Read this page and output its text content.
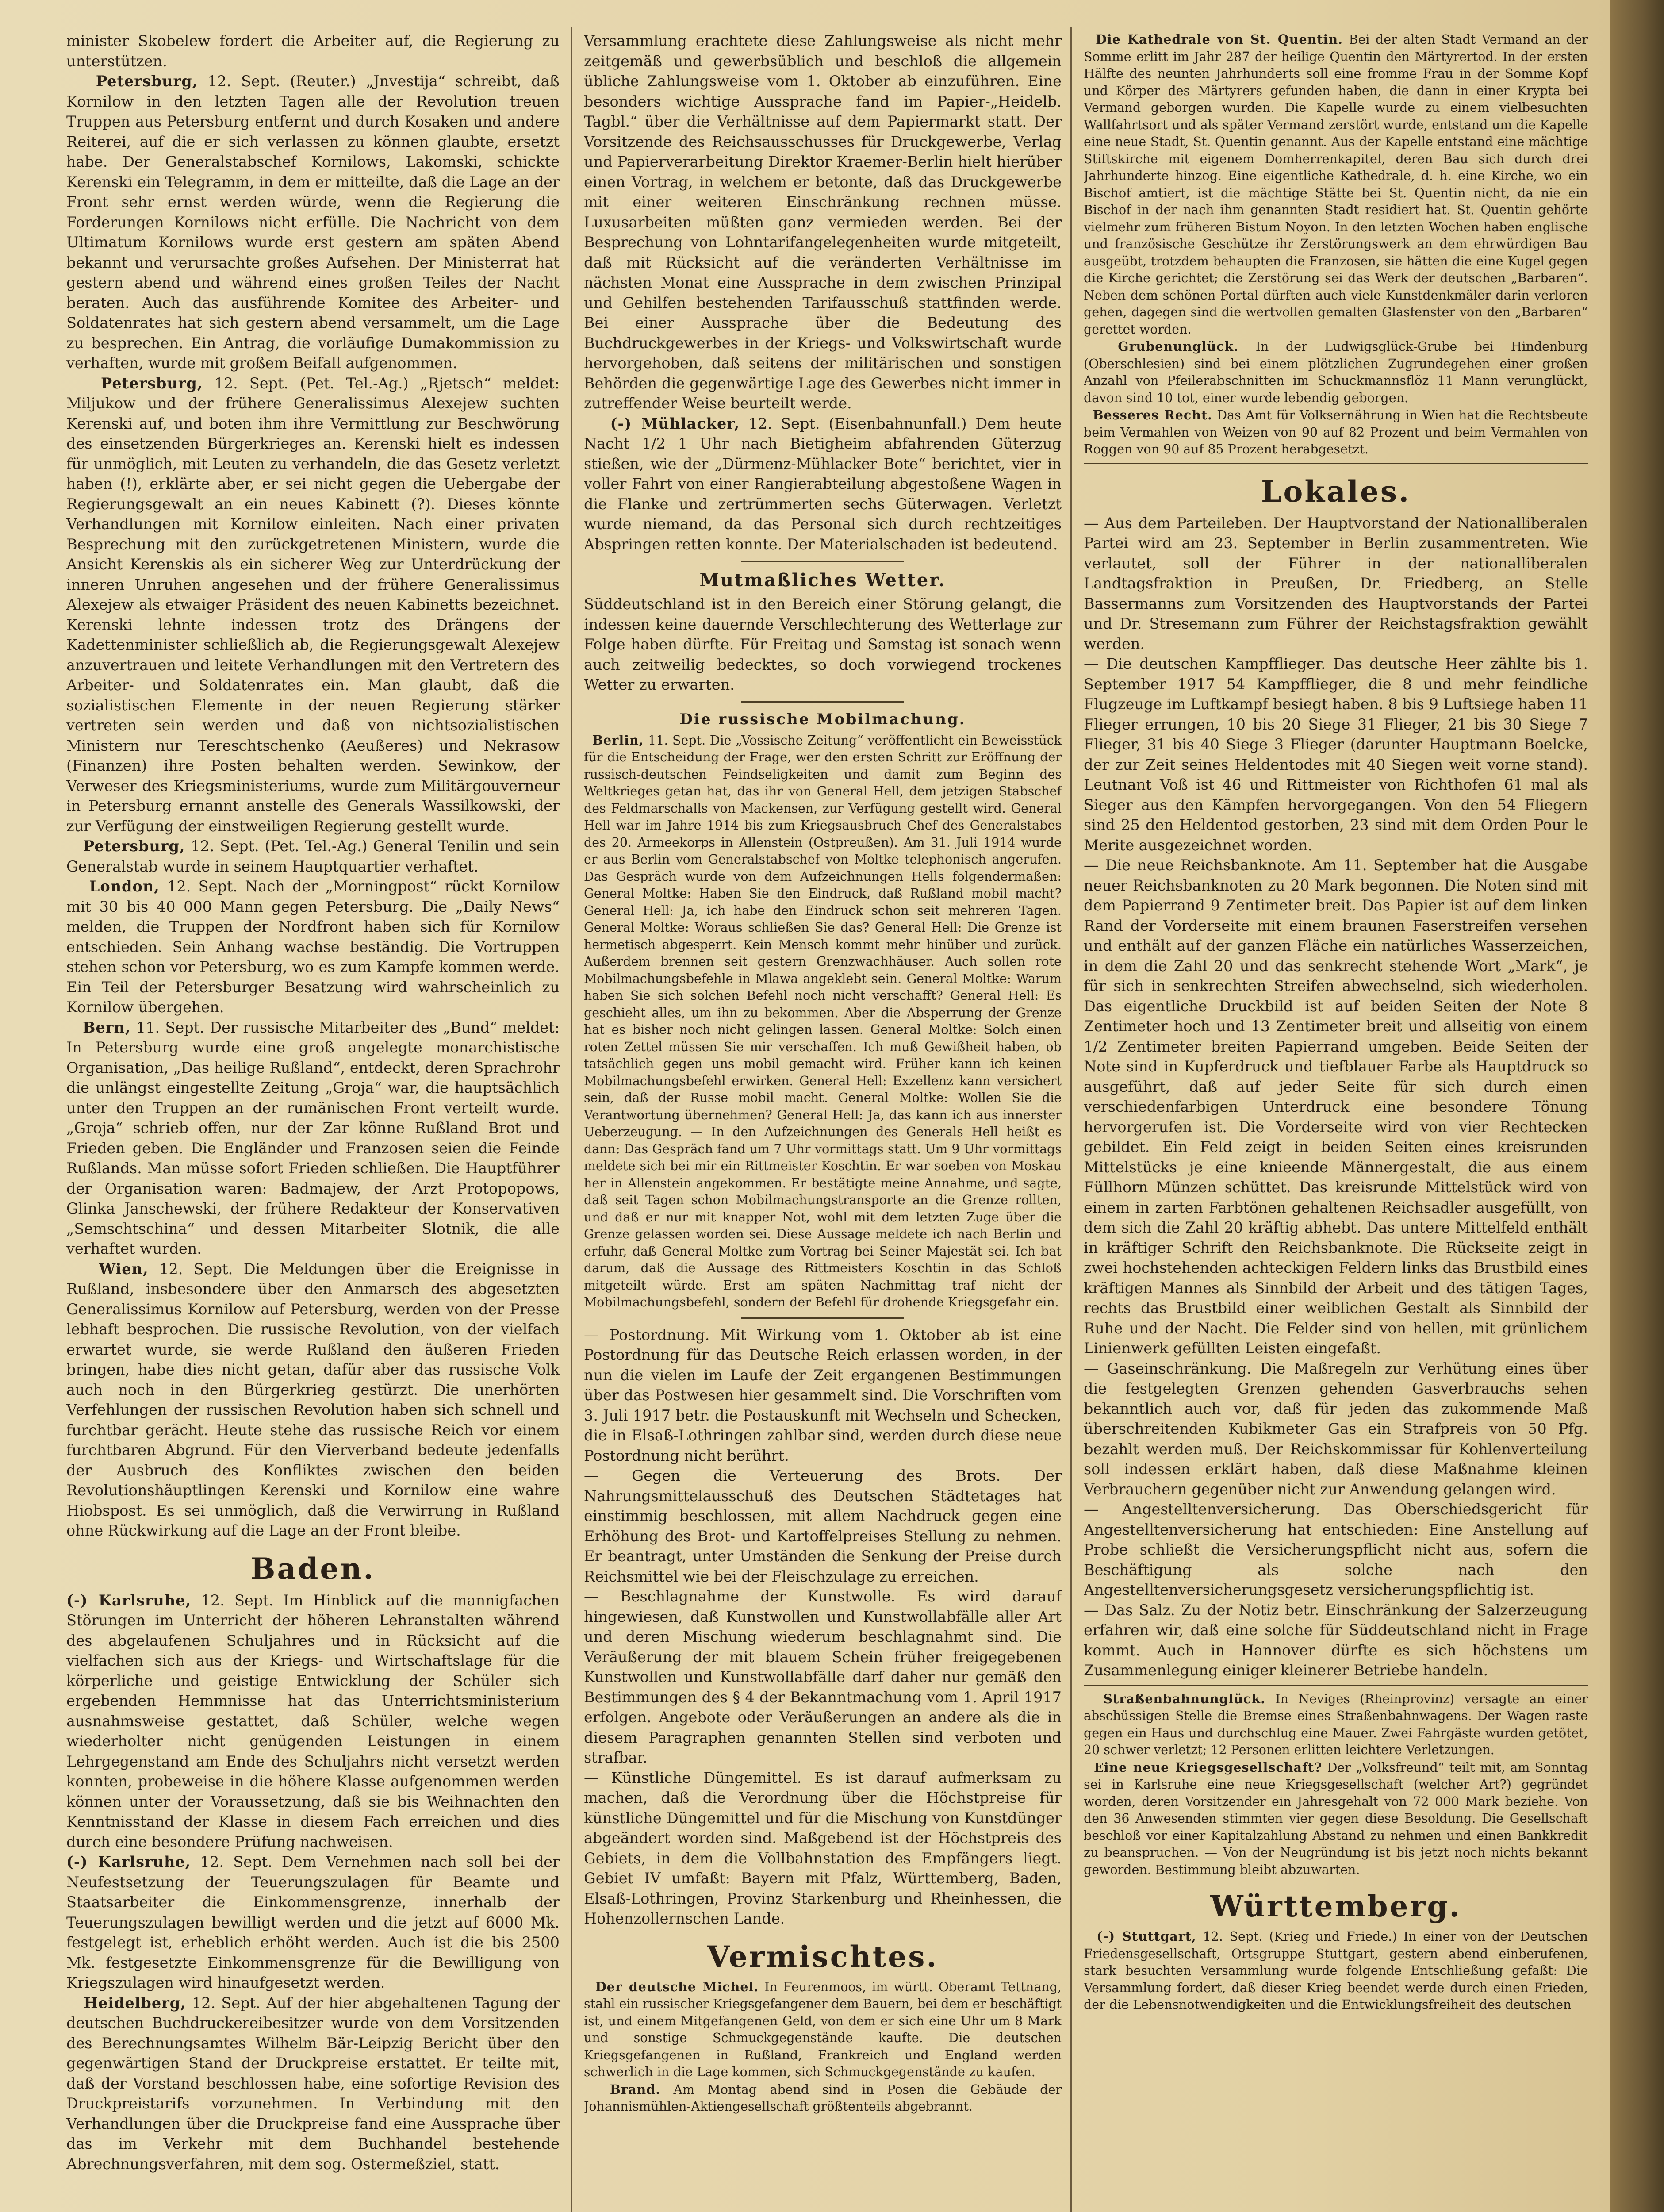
minister Skobelew fordert die Arbeiter auf, die Regierung zu unterstützen.

Petersburg, 12. Sept. (Reuter.) „Jnvestija“ schreibt, daß Kornilow in den letzten Tagen alle der Revolution treuen Truppen aus Petersburg entfernt und durch Kosaken und andere Reiterei, auf die er sich verlassen zu können glaubte, ersetzt habe. Der Generalstabschef Kornilows, Lakomski, schickte Kerenski ein Telegramm, in dem er mitteilte, daß die Lage an der Front sehr ernst werden würde, wenn die Regierung die Forderungen Kornilows nicht erfülle. Die Nachricht von dem Ultimatum Kornilows wurde erst gestern am späten Abend bekannt und verursachte großes Aufsehen. Der Ministerrat hat gestern abend und während eines großen Teiles der Nacht beraten. Auch das ausführende Komitee des Arbeiter- und Soldatenrates hat sich gestern abend versammelt, um die Lage zu besprechen. Ein Antrag, die vorläufige Dumakommission zu verhaften, wurde mit großem Beifall aufgenommen.

Petersburg, 12. Sept. (Pet. Tel.-Ag.) „Rjetsch“ meldet: Miljukow und der frühere Generalissimus Alexejew suchten Kerenski auf, und boten ihm ihre Vermittlung zur Beschwörung des einsetzenden Bürgerkrieges an. Kerenski hielt es indessen für unmöglich, mit Leuten zu verhandeln, die das Gesetz verletzt haben (!), erklärte aber, er sei nicht gegen die Uebergabe der Regierungsgewalt an ein neues Kabinett (?). Dieses könnte Verhandlungen mit Kornilow einleiten. Nach einer privaten Besprechung mit den zurückgetretenen Ministern, wurde die Ansicht Kerenskis als ein sicherer Weg zur Unterdrückung der inneren Unruhen angesehen und der frühere Generalissimus Alexejew als etwaiger Präsident des neuen Kabinetts bezeichnet. Kerenski lehnte indessen trotz des Drängens der Kadettenminister schließlich ab, die Regierungsgewalt Alexejew anzuvertrauen und leitete Verhandlungen mit den Vertretern des Arbeiter- und Soldatenrates ein. Man glaubt, daß die sozialistischen Elemente in der neuen Regierung stärker vertreten sein werden und daß von nichtsozialistischen Ministern nur Tereschtschenko (Aeußeres) und Nekrasow (Finanzen) ihre Posten behalten werden. Sewinkow, der Verweser des Kriegsministeriums, wurde zum Militärgouverneur in Petersburg ernannt anstelle des Generals Wassilkowski, der zur Verfügung der einstweiligen Regierung gestellt wurde.

Petersburg, 12. Sept. (Pet. Tel.-Ag.) General Tenilin und sein Generalstab wurde in seinem Hauptquartier verhaftet.

London, 12. Sept. Nach der „Morningpost“ rückt Kornilow mit 30 bis 40 000 Mann gegen Petersburg. Die „Daily News“ melden, die Truppen der Nordfront haben sich für Kornilow entschieden. Sein Anhang wachse beständig. Die Vortruppen stehen schon vor Petersburg, wo es zum Kampfe kommen werde. Ein Teil der Petersburger Besatzung wird wahrscheinlich zu Kornilow übergehen.

Bern, 11. Sept. Der russische Mitarbeiter des „Bund“ meldet: In Petersburg wurde eine groß angelegte monarchistische Organisation, „Das heilige Rußland“, entdeckt, deren Sprachrohr die unlängst eingestellte Zeitung „Groja“ war, die hauptsächlich unter den Truppen an der rumänischen Front verteilt wurde. „Groja“ schrieb offen, nur der Zar könne Rußland Brot und Frieden geben. Die Engländer und Franzosen seien die Feinde Rußlands. Man müsse sofort Frieden schließen. Die Hauptführer der Organisation waren: Badmajew, der Arzt Protopopows, Glinka Janschewski, der frühere Redakteur der Konservativen „Semschtschina“ und dessen Mitarbeiter Slotnik, die alle verhaftet wurden.

Wien, 12. Sept. Die Meldungen über die Ereignisse in Rußland, insbesondere über den Anmarsch des abgesetzten Generalissimus Kornilow auf Petersburg, werden von der Presse lebhaft besprochen. Die russische Revolution, von der vielfach erwartet wurde, sie werde Rußland den äußeren Frieden bringen, habe dies nicht getan, dafür aber das russische Volk auch noch in den Bürgerkrieg gestürzt. Die unerhörten Verfehlungen der russischen Revolution haben sich schnell und furchtbar gerächt. Heute stehe das russische Reich vor einem furchtbaren Abgrund. Für den Vierverband bedeute jedenfalls der Ausbruch des Konfliktes zwischen den beiden Revolutionshäuptlingen Kerenski und Kornilow eine wahre Hiobspost. Es sei unmöglich, daß die Verwirrung in Rußland ohne Rückwirkung auf die Lage an der Front bleibe.

Baden.

(-) Karlsruhe, 12. Sept. Im Hinblick auf die mannigfachen Störungen im Unterricht der höheren Lehranstalten während des abgelaufenen Schuljahres und in Rücksicht auf die vielfachen sich aus der Kriegs- und Wirtschaftslage für die körperliche und geistige Entwicklung der Schüler sich ergebenden Hemmnisse hat das Unterrichtsministerium ausnahmsweise gestattet, daß Schüler, welche wegen wiederholter nicht genügenden Leistungen in einem Lehrgegenstand am Ende des Schuljahrs nicht versetzt werden konnten, probeweise in die höhere Klasse aufgenommen werden können unter der Voraussetzung, daß sie bis Weihnachten den Kenntnisstand der Klasse in diesem Fach erreichen und dies durch eine besondere Prüfung nachweisen.

(-) Karlsruhe, 12. Sept. Dem Vernehmen nach soll bei der Neufestsetzung der Teuerungszulagen für Beamte und Staatsarbeiter die Einkommensgrenze, innerhalb der Teuerungszulagen bewilligt werden und die jetzt auf 6000 Mk. festgelegt ist, erheblich erhöht werden. Auch ist die bis 2500 Mk. festgesetzte Einkommensgrenze für die Bewilligung von Kriegszulagen wird hinaufgesetzt werden.

Heidelberg, 12. Sept. Auf der hier abgehaltenen Tagung der deutschen Buchdruckereibesitzer wurde von dem Vorsitzenden des Berechnungsamtes Wilhelm Bär-Leipzig Bericht über den gegenwärtigen Stand der Druckpreise erstattet. Er teilte mit, daß der Vorstand beschlossen habe, eine sofortige Revision des Druckpreistarifs vorzunehmen. In Verbindung mit den Verhandlungen über die Druckpreise fand eine Aussprache über das im Verkehr mit dem Buchhandel bestehende Abrechnungsverfahren, mit dem sog. Ostermeßziel, statt.

Versammlung erachtete diese Zahlungsweise als nicht mehr zeitgemäß und gewerbsüblich und beschloß die allgemein übliche Zahlungsweise vom 1. Oktober ab einzuführen. Eine besonders wichtige Aussprache fand im Papier-„Heidelb. Tagbl.“ über die Verhältnisse auf dem Papiermarkt statt. Der Vorsitzende des Reichsausschusses für Druckgewerbe, Verlag und Papierverarbeitung Direktor Kraemer-Berlin hielt hierüber einen Vortrag, in welchem er betonte, daß das Druckgewerbe mit einer weiteren Einschränkung rechnen müsse. Luxusarbeiten müßten ganz vermieden werden. Bei der Besprechung von Lohntarifangelegenheiten wurde mitgeteilt, daß mit Rücksicht auf die veränderten Verhältnisse im nächsten Monat eine Aussprache in dem zwischen Prinzipal und Gehilfen bestehenden Tarifausschuß stattfinden werde. Bei einer Aussprache über die Bedeutung des Buchdruckgewerbes in der Kriegs- und Volkswirtschaft wurde hervorgehoben, daß seitens der militärischen und sonstigen Behörden die gegenwärtige Lage des Gewerbes nicht immer in zutreffender Weise beurteilt werde.

(-) Mühlacker, 12. Sept. (Eisenbahnunfall.) Dem heute Nacht 1/2 1 Uhr nach Bietigheim abfahrenden Güterzug stießen, wie der „Dürmenz-Mühlacker Bote“ berichtet, vier in voller Fahrt von einer Rangierabteilung abgestoßene Wagen in die Flanke und zertrümmerten sechs Güterwagen. Verletzt wurde niemand, da das Personal sich durch rechtzeitiges Abspringen retten konnte. Der Materialschaden ist bedeutend.

Mutmaßliches Wetter.

Süddeutschland ist in den Bereich einer Störung gelangt, die indessen keine dauernde Verschlechterung des Wetterlage zur Folge haben dürfte. Für Freitag und Samstag ist sonach wenn auch zeitweilig bedecktes, so doch vorwiegend trockenes Wetter zu erwarten.

Die russische Mobilmachung.

Berlin, 11. Sept. Die „Vossische Zeitung“ veröffentlicht ein Beweisstück für die Entscheidung der Frage, wer den ersten Schritt zur Eröffnung der russisch-deutschen Feindseligkeiten und damit zum Beginn des Weltkrieges getan hat, das ihr von General Hell, dem jetzigen Stabschef des Feldmarschalls von Mackensen, zur Verfügung gestellt wird. General Hell war im Jahre 1914 bis zum Kriegsausbruch Chef des Generalstabes des 20. Armeekorps in Allenstein (Ostpreußen). Am 31. Juli 1914 wurde er aus Berlin vom Generalstabschef von Moltke telephonisch angerufen. Das Gespräch wurde von dem Aufzeichnungen Hells folgendermaßen: General Moltke: Haben Sie den Eindruck, daß Rußland mobil macht? General Hell: Ja, ich habe den Eindruck schon seit mehreren Tagen. General Moltke: Woraus schließen Sie das? General Hell: Die Grenze ist hermetisch abgesperrt. Kein Mensch kommt mehr hinüber und zurück. Außerdem brennen seit gestern Grenzwachhäuser. Auch sollen rote Mobilmachungsbefehle in Mlawa angeklebt sein. General Moltke: Warum haben Sie sich solchen Befehl noch nicht verschafft? General Hell: Es geschieht alles, um ihn zu bekommen. Aber die Absperrung der Grenze hat es bisher noch nicht gelingen lassen. General Moltke: Solch einen roten Zettel müssen Sie mir verschaffen. Ich muß Gewißheit haben, ob tatsächlich gegen uns mobil gemacht wird. Früher kann ich keinen Mobilmachungsbefehl erwirken. General Hell: Exzellenz kann versichert sein, daß der Russe mobil macht. General Moltke: Wollen Sie die Verantwortung übernehmen? General Hell: Ja, das kann ich aus innerster Ueberzeugung. — In den Aufzeichnungen des Generals Hell heißt es dann: Das Gespräch fand um 7 Uhr vormittags statt. Um 9 Uhr vormittags meldete sich bei mir ein Rittmeister Koschtin. Er war soeben von Moskau her in Allenstein angekommen. Er bestätigte meine Annahme, und sagte, daß seit Tagen schon Mobilmachungstransporte an die Grenze rollten, und daß er nur mit knapper Not, wohl mit dem letzten Zuge über die Grenze gelassen worden sei. Diese Aussage meldete ich nach Berlin und erfuhr, daß General Moltke zum Vortrag bei Seiner Majestät sei. Ich bat darum, daß die Aussage des Rittmeisters Koschtin in das Schloß mitgeteilt würde. Erst am späten Nachmittag traf nicht der Mobilmachungsbefehl, sondern der Befehl für drohende Kriegsgefahr ein.

— Postordnung. Mit Wirkung vom 1. Oktober ab ist eine Postordnung für das Deutsche Reich erlassen worden, in der nun die vielen im Laufe der Zeit ergangenen Bestimmungen über das Postwesen hier gesammelt sind. Die Vorschriften vom 3. Juli 1917 betr. die Postauskunft mit Wechseln und Schecken, die in Elsaß-Lothringen zahlbar sind, werden durch diese neue Postordnung nicht berührt.

— Gegen die Verteuerung des Brots. Der Nahrungsmittelausschuß des Deutschen Städtetages hat einstimmig beschlossen, mit allem Nachdruck gegen eine Erhöhung des Brot- und Kartoffelpreises Stellung zu nehmen. Er beantragt, unter Umständen die Senkung der Preise durch Reichsmittel wie bei der Fleischzulage zu erreichen.

— Beschlagnahme der Kunstwolle. Es wird darauf hingewiesen, daß Kunstwollen und Kunstwollabfälle aller Art und deren Mischung wiederum beschlagnahmt sind. Die Veräußerung der mit blauem Schein früher freigegebenen Kunstwollen und Kunstwollabfälle darf daher nur gemäß den Bestimmungen des § 4 der Bekanntmachung vom 1. April 1917 erfolgen. Angebote oder Veräußerungen an andere als die in diesem Paragraphen genannten Stellen sind verboten und strafbar.

— Künstliche Düngemittel. Es ist darauf aufmerksam zu machen, daß die Verordnung über die Höchstpreise für künstliche Düngemittel und für die Mischung von Kunstdünger abgeändert worden sind. Maßgebend ist der Höchstpreis des Gebiets, in dem die Vollbahnstation des Empfängers liegt. Gebiet IV umfaßt: Bayern mit Pfalz, Württemberg, Baden, Elsaß-Lothringen, Provinz Starkenburg und Rheinhessen, die Hohenzollernschen Lande.

Vermischtes.

Der deutsche Michel. In Feurenmoos, im württ. Oberamt Tettnang, stahl ein russischer Kriegsgefangener dem Bauern, bei dem er beschäftigt ist, und einem Mitgefangenen Geld, von dem er sich eine Uhr um 8 Mark und sonstige Schmuckgegenstände kaufte. Die deutschen Kriegsgefangenen in Rußland, Frankreich und England werden schwerlich in die Lage kommen, sich Schmuckgegenstände zu kaufen.

Brand. Am Montag abend sind in Posen die Gebäude der Johannismühlen-Aktiengesellschaft größtenteils abgebrannt.

Die Kathedrale von St. Quentin. Bei der alten Stadt Vermand an der Somme erlitt im Jahr 287 der heilige Quentin den Märtyrertod. In der ersten Hälfte des neunten Jahrhunderts soll eine fromme Frau in der Somme Kopf und Körper des Märtyrers gefunden haben, die dann in einer Krypta bei Vermand geborgen wurden. Die Kapelle wurde zu einem vielbesuchten Wallfahrtsort und als später Vermand zerstört wurde, entstand um die Kapelle eine neue Stadt, St. Quentin genannt. Aus der Kapelle entstand eine mächtige Stiftskirche mit eigenem Domherrenkapitel, deren Bau sich durch drei Jahrhunderte hinzog. Eine eigentliche Kathedrale, d. h. eine Kirche, wo ein Bischof amtiert, ist die mächtige Stätte bei St. Quentin nicht, da nie ein Bischof in der nach ihm genannten Stadt residiert hat. St. Quentin gehörte vielmehr zum früheren Bistum Noyon. In den letzten Wochen haben englische und französische Geschütze ihr Zerstörungswerk an dem ehrwürdigen Bau ausgeübt, trotzdem behaupten die Franzosen, sie hätten die eine Kugel gegen die Kirche gerichtet; die Zerstörung sei das Werk der deutschen „Barbaren“. Neben dem schönen Portal dürften auch viele Kunstdenkmäler darin verloren gehen, dagegen sind die wertvollen gemalten Glasfenster von den „Barbaren“ gerettet worden.

Grubenunglück. In der Ludwigsglück-Grube bei Hindenburg (Oberschlesien) sind bei einem plötzlichen Zugrundegehen einer großen Anzahl von Pfeilerabschnitten im Schuckmannsflöz 11 Mann verunglückt, davon sind 10 tot, einer wurde lebendig geborgen.

Besseres Recht. Das Amt für Volksernährung in Wien hat die Rechtsbeute beim Vermahlen von Weizen von 90 auf 82 Prozent und beim Vermahlen von Roggen von 90 auf 85 Prozent herabgesetzt.

Lokales.

— Aus dem Parteileben. Der Hauptvorstand der Nationalliberalen Partei wird am 23. September in Berlin zusammentreten. Wie verlautet, soll der Führer in der nationalliberalen Landtagsfraktion in Preußen, Dr. Friedberg, an Stelle Bassermanns zum Vorsitzenden des Hauptvorstands der Partei und Dr. Stresemann zum Führer der Reichstagsfraktion gewählt werden.

— Die deutschen Kampfflieger. Das deutsche Heer zählte bis 1. September 1917 54 Kampfflieger, die 8 und mehr feindliche Flugzeuge im Luftkampf besiegt haben. 8 bis 9 Luftsiege haben 11 Flieger errungen, 10 bis 20 Siege 31 Flieger, 21 bis 30 Siege 7 Flieger, 31 bis 40 Siege 3 Flieger (darunter Hauptmann Boelcke, der zur Zeit seines Heldentodes mit 40 Siegen weit vorne stand). Leutnant Voß ist 46 und Rittmeister von Richthofen 61 mal als Sieger aus den Kämpfen hervorgegangen. Von den 54 Fliegern sind 25 den Heldentod gestorben, 23 sind mit dem Orden Pour le Merite ausgezeichnet worden.

— Die neue Reichsbanknote. Am 11. September hat die Ausgabe neuer Reichsbanknoten zu 20 Mark begonnen. Die Noten sind mit dem Papierrand 9 Zentimeter breit. Das Papier ist auf dem linken Rand der Vorderseite mit einem braunen Faserstreifen versehen und enthält auf der ganzen Fläche ein natürliches Wasserzeichen, in dem die Zahl 20 und das senkrecht stehende Wort „Mark“, je für sich in senkrechten Streifen abwechselnd, sich wiederholen. Das eigentliche Druckbild ist auf beiden Seiten der Note 8 Zentimeter hoch und 13 Zentimeter breit und allseitig von einem 1/2 Zentimeter breiten Papierrand umgeben. Beide Seiten der Note sind in Kupferdruck und tiefblauer Farbe als Hauptdruck so ausgeführt, daß auf jeder Seite für sich durch einen verschiedenfarbigen Unterdruck eine besondere Tönung hervorgerufen ist. Die Vorderseite wird von vier Rechtecken gebildet. Ein Feld zeigt in beiden Seiten eines kreisrunden Mittelstücks je eine knieende Männergestalt, die aus einem Füllhorn Münzen schüttet. Das kreisrunde Mittelstück wird von einem in zarten Farbtönen gehaltenen Reichsadler ausgefüllt, von dem sich die Zahl 20 kräftig abhebt. Das untere Mittelfeld enthält in kräftiger Schrift den Reichsbanknote. Die Rückseite zeigt in zwei hochstehenden achteckigen Feldern links das Brustbild eines kräftigen Mannes als Sinnbild der Arbeit und des tätigen Tages, rechts das Brustbild einer weiblichen Gestalt als Sinnbild der Ruhe und der Nacht. Die Felder sind von hellen, mit grünlichem Linienwerk gefüllten Leisten eingefaßt.

— Gaseinschränkung. Die Maßregeln zur Verhütung eines über die festgelegten Grenzen gehenden Gasverbrauchs sehen bekanntlich auch vor, daß für jeden das zukommende Maß überschreitenden Kubikmeter Gas ein Strafpreis von 50 Pfg. bezahlt werden muß. Der Reichskommissar für Kohlenverteilung soll indessen erklärt haben, daß diese Maßnahme kleinen Verbrauchern gegenüber nicht zur Anwendung gelangen wird.

— Angestelltenversicherung. Das Oberschiedsgericht für Angestelltenversicherung hat entschieden: Eine Anstellung auf Probe schließt die Versicherungspflicht nicht aus, sofern die Beschäftigung als solche nach den Angestelltenversicherungsgesetz versicherungspflichtig ist.

— Das Salz. Zu der Notiz betr. Einschränkung der Salzerzeugung erfahren wir, daß eine solche für Süddeutschland nicht in Frage kommt. Auch in Hannover dürfte es sich höchstens um Zusammenlegung einiger kleinerer Betriebe handeln.

Straßenbahnunglück. In Neviges (Rheinprovinz) versagte an einer abschüssigen Stelle die Bremse eines Straßenbahnwagens. Der Wagen raste gegen ein Haus und durchschlug eine Mauer. Zwei Fahrgäste wurden getötet, 20 schwer verletzt; 12 Personen erlitten leichtere Verletzungen.

Eine neue Kriegsgesellschaft? Der „Volksfreund“ teilt mit, am Sonntag sei in Karlsruhe eine neue Kriegsgesellschaft (welcher Art?) gegründet worden, deren Vorsitzender ein Jahresgehalt von 72 000 Mark beziehe. Von den 36 Anwesenden stimmten vier gegen diese Besoldung. Die Gesellschaft beschloß vor einer Kapitalzahlung Abstand zu nehmen und einen Bankkredit zu beanspruchen. — Von der Neugründung ist bis jetzt noch nichts bekannt geworden. Bestimmung bleibt abzuwarten.

Württemberg.

(-) Stuttgart, 12. Sept. (Krieg und Friede.) In einer von der Deutschen Friedensgesellschaft, Ortsgruppe Stuttgart, gestern abend einberufenen, stark besuchten Versammlung wurde folgende Entschließung gefaßt: Die Versammlung fordert, daß dieser Krieg beendet werde durch einen Frieden, der die Lebensnotwendigkeiten und die Entwicklungsfreiheit des deutschen
